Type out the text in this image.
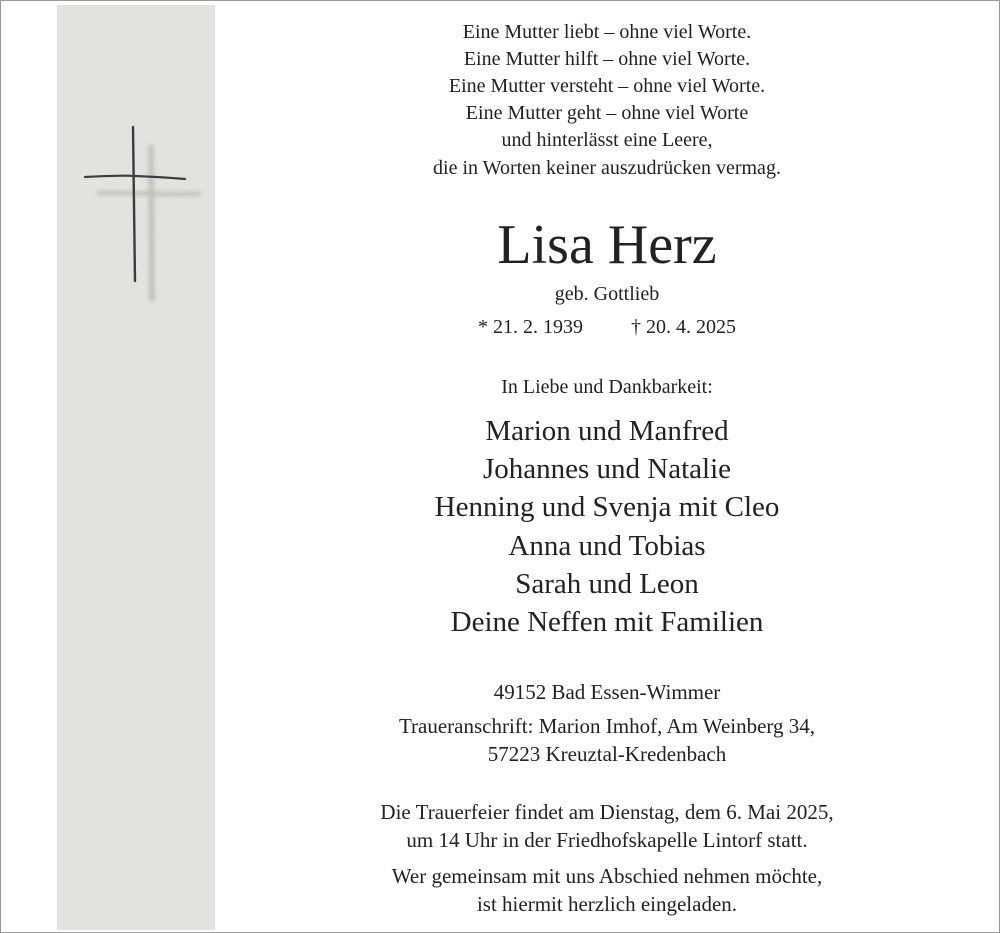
Eine Mutter liebt – ohne viel Worte.

Eine Mutter hilft – ohne viel Worte.

Eine Mutter versteht – ohne viel Worte.

Eine Mutter geht – ohne viel Worte

und hinterlässt eine Leere,

die in Worten keiner auszudrücken vermag.

Lisa Herz

geb. Gottlieb

* 21. 2. 1939 † 20. 4. 2025

In Liebe und Dankbarkeit:

Marion und Manfred

Johannes und Natalie

Henning und Svenja mit Cleo

Anna und Tobias

Sarah und Leon

Deine Neffen mit Familien

49152 Bad Essen-Wimmer

Traueranschrift: Marion Imhof, Am Weinberg 34,

57223 Kreuztal-Kredenbach

Die Trauerfeier findet am Dienstag, dem 6. Mai 2025,

um 14 Uhr in der Friedhofskapelle Lintorf statt.

Wer gemeinsam mit uns Abschied nehmen möchte,

ist hiermit herzlich eingeladen.
